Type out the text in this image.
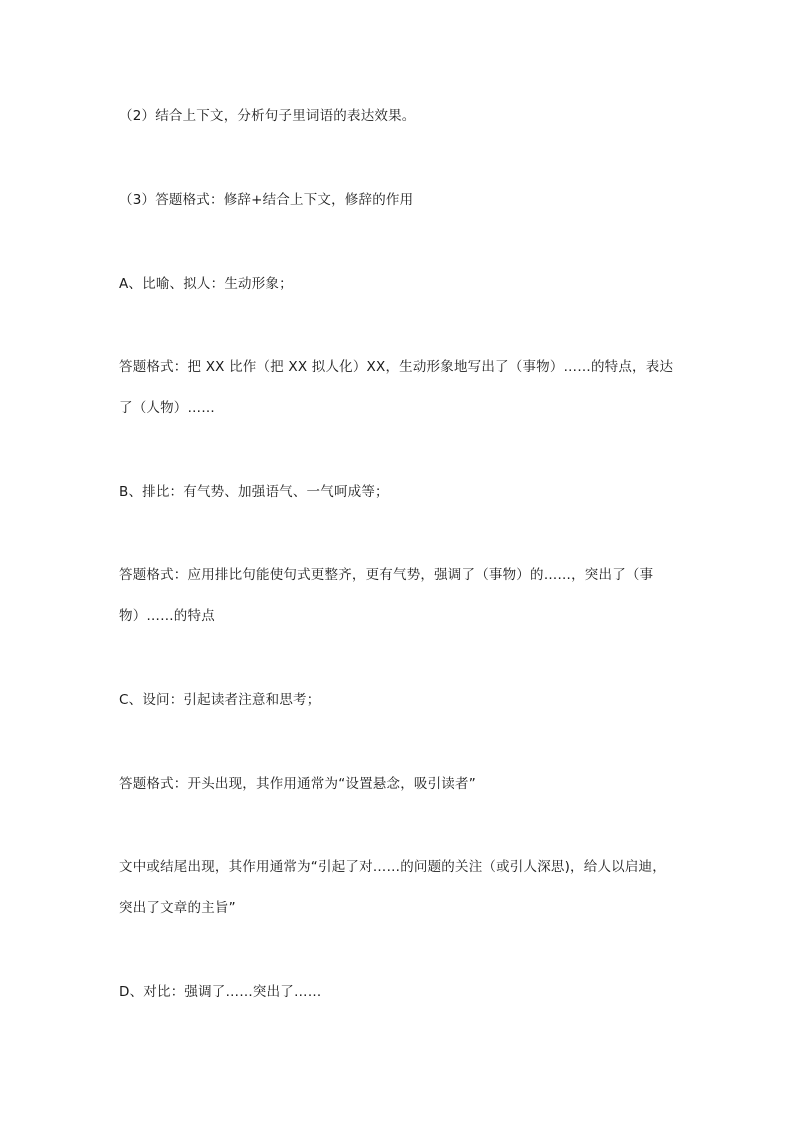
（2）结合上下文，分析句子里词语的表达效果。

（3）答题格式：修辞+结合上下文，修辞的作用

A、比喻、拟人：生动形象；

答题格式：把 XX 比作（把 XX 拟人化）XX，生动形象地写出了（事物）……的特点，表达
了（人物）……

B、排比：有气势、加强语气、一气呵成等；

答题格式：应用排比句能使句式更整齐，更有气势，强调了（事物）的……，突出了（事
物）……的特点

C、设问：引起读者注意和思考；

答题格式：开头出现，其作用通常为“设置悬念，吸引读者”

文中或结尾出现，其作用通常为“引起了对……的问题的关注（或引人深思)，给人以启迪，
突出了文章的主旨”

D、对比：强调了……突出了……
